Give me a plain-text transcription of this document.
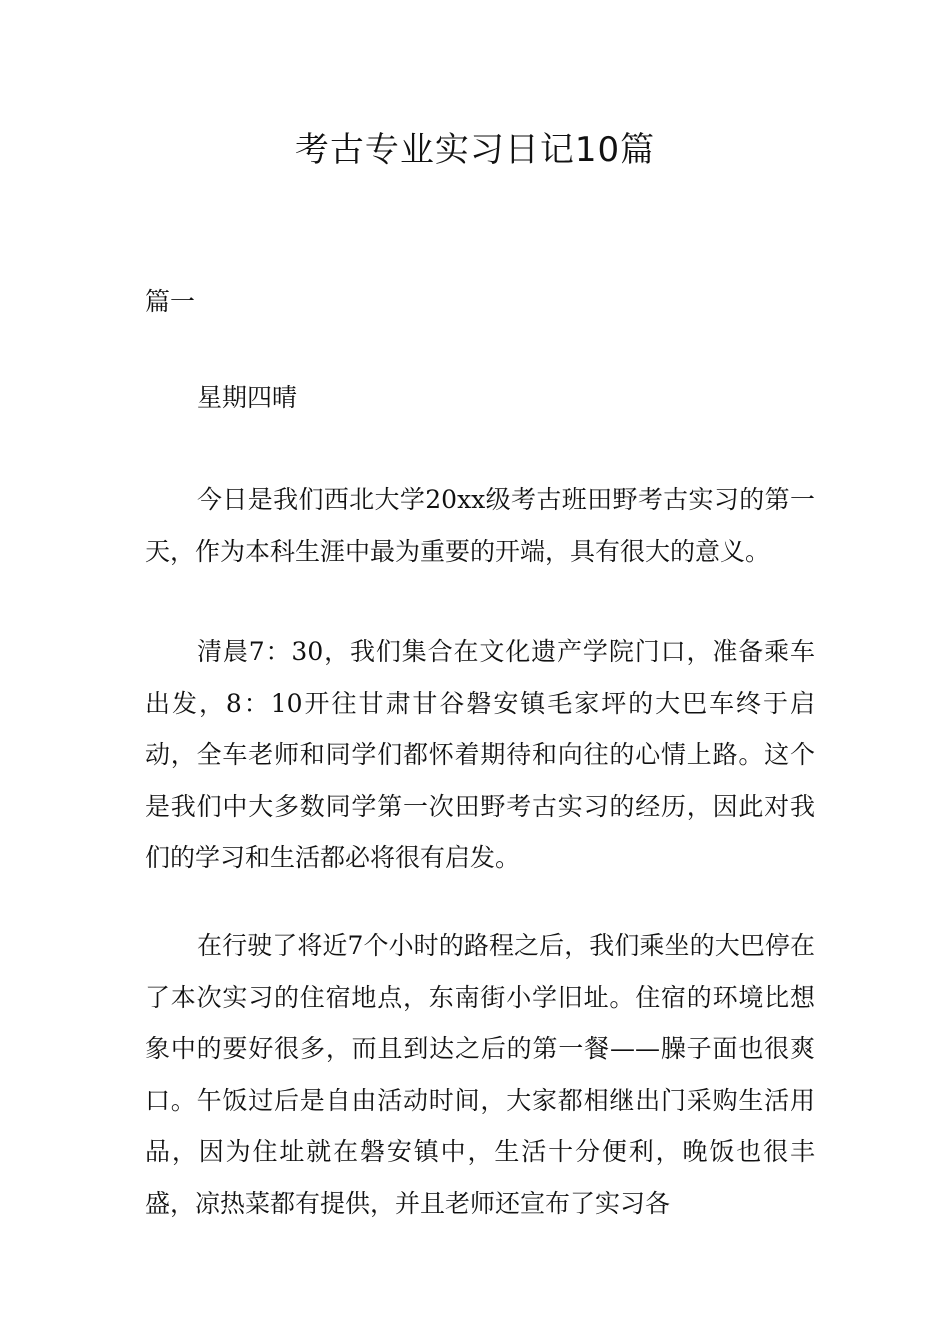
考古专业实习日记10篇

篇一

星期四晴

今日是我们西北大学20xx级考古班田野考古实习的第一天，作为本科生涯中最为重要的开端，具有很大的意义。

清晨7：30，我们集合在文化遗产学院门口，准备乘车出发，8：10开往甘肃甘谷磐安镇毛家坪的大巴车终于启动，全车老师和同学们都怀着期待和向往的心情上路。这个是我们中大多数同学第一次田野考古实习的经历，因此对我们的学习和生活都必将很有启发。

在行驶了将近7个小时的路程之后，我们乘坐的大巴停在了本次实习的住宿地点，东南街小学旧址。住宿的环境比想象中的要好很多，而且到达之后的第一餐——臊子面也很爽口。午饭过后是自由活动时间，大家都相继出门采购生活用品，因为住址就在磐安镇中，生活十分便利，晚饭也很丰盛，凉热菜都有提供，并且老师还宣布了实习各
